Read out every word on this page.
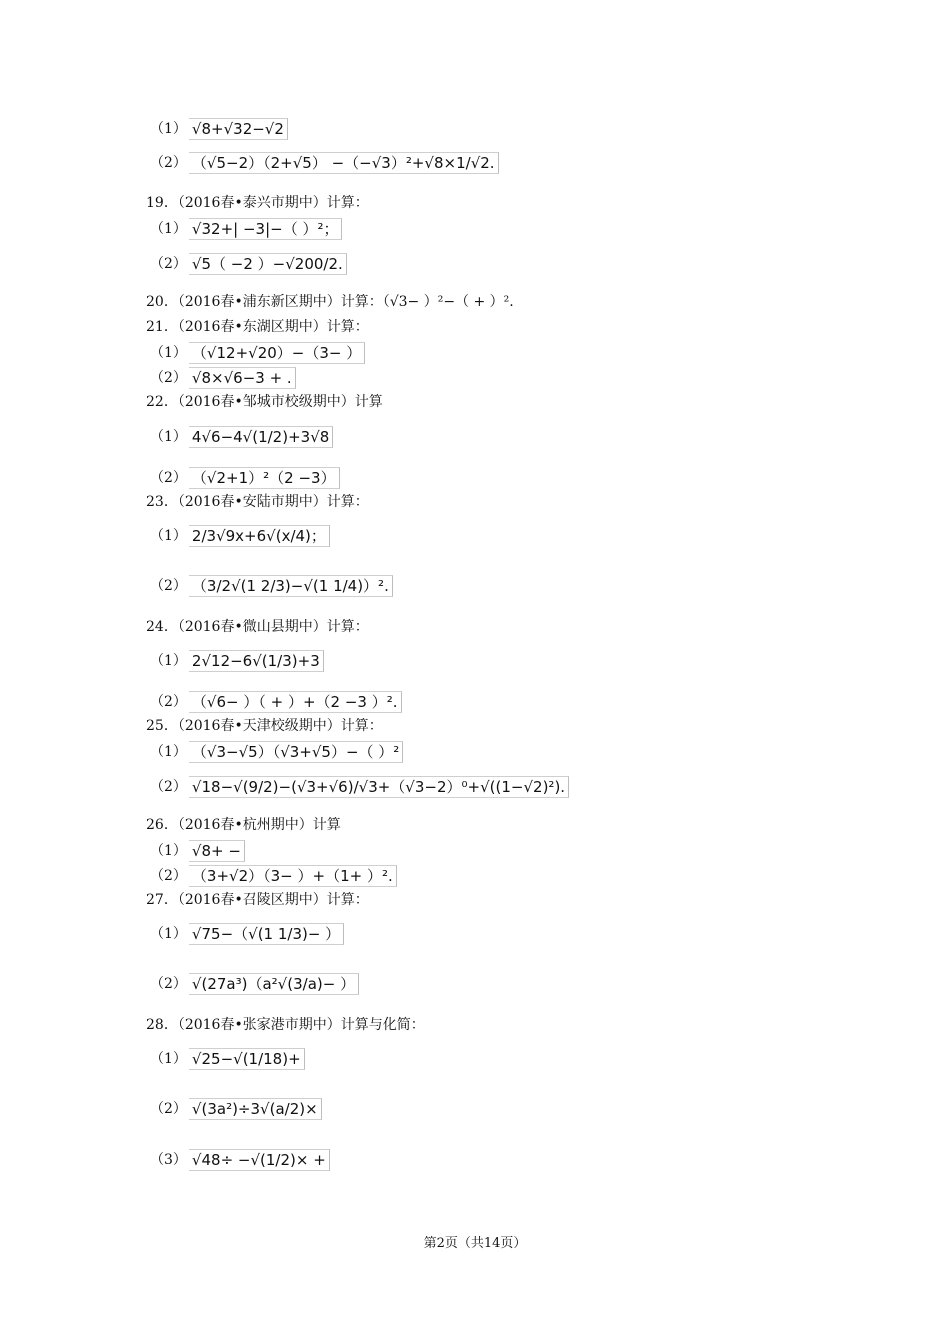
（1） √8+√32−√2
（2） （√5−2）（2+√5） −（−√3）²+√8×1/√2.
19．（2016春•泰兴市期中）计算：
（1） √32+| −3|−（ ）²；
（2） √5（ −2 ）−√200/2.
20．（2016春•浦东新区期中）计算：（√3− ）²−（ + ）².
21．（2016春•东湖区期中）计算：
（1） （√12+√20）−（3− ）
（2） √8×√6−3 + .
22．（2016春•邹城市校级期中）计算
（1） 4√6−4√(1/2)+3√8
（2） （√2+1）²（2 −3）
23．（2016春•安陆市期中）计算：
（1） 2/3√9x+6√(x/4)；
（2） （3/2√(1 2/3)−√(1 1/4)）².
24．（2016春•微山县期中）计算：
（1） 2√12−6√(1/3)+3
（2） （√6− ）（ + ）+（2 −3 ）².
25．（2016春•天津校级期中）计算：
（1） （√3−√5）（√3+√5）−（ ）²
（2） √18−√(9/2)−(√3+√6)/√3+（√3−2）⁰+√((1−√2)²).
26．（2016春•杭州期中）计算
（1） √8+ −
（2） （3+√2）（3− ）+（1+ ）².
27．（2016春•召陵区期中）计算：
（1） √75−（√(1 1/3)− ）
（2） √(27a³)（a²√(3/a)− ）
28．（2016春•张家港市期中）计算与化简：
（1） √25−√(1/18)+
（2） √(3a²)÷3√(a/2)×
（3） √48÷ −√(1/2)× +
第2页（共14页）
